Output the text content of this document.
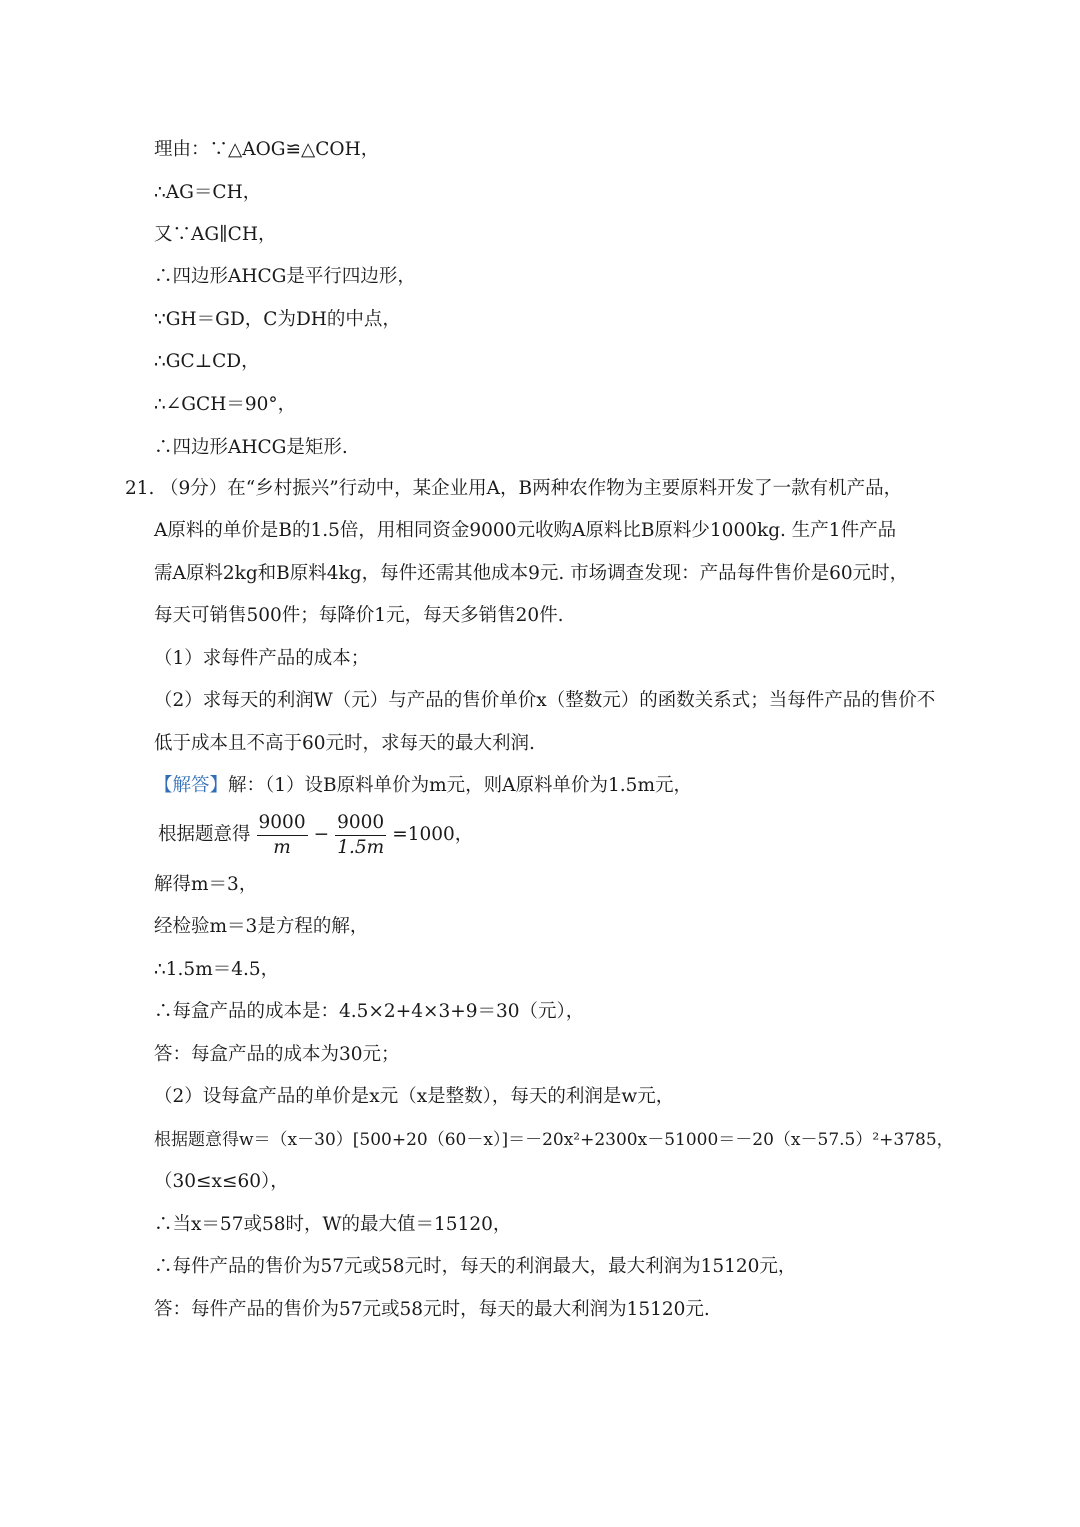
理由：∵△AOG≌△COH，
∴AG＝CH，
又∵AG∥CH，
∴四边形AHCG是平行四边形，
∵GH＝GD，C为DH的中点，
∴GC⊥CD，
∴∠GCH＝90°，
∴四边形AHCG是矩形.
21. （9分）在“乡村振兴”行动中，某企业用A，B两种农作物为主要原料开发了一款有机产品，
A原料的单价是B的1.5倍，用相同资金9000元收购A原料比B原料少1000kg. 生产1件产品
需A原料2kg和B原料4kg，每件还需其他成本9元. 市场调查发现：产品每件售价是60元时，
每天可销售500件；每降价1元，每天多销售20件.
（1）求每件产品的成本；
（2）求每天的利润W（元）与产品的售价单价x（整数元）的函数关系式；当每件产品的售价不
低于成本且不高于60元时，求每天的最大利润.
【解答】解：（1）设B原料单价为m元，则A原料单价为1.5m元，
根据题意得 $\frac{9000}{m} - \frac{9000}{1.5m} =1000$，
解得m＝3，
经检验m＝3是方程的解，
∴1.5m＝4.5，
∴每盒产品的成本是：4.5×2+4×3+9＝30（元），
答：每盒产品的成本为30元；
（2）设每盒产品的单价是x元（x是整数），每天的利润是w元，
根据题意得w＝（x－30）[500+20（60－x）]＝－20x²+2300x－51000＝－20（x－57.5）²+3785，
（30≤x≤60），
∴当x＝57或58时，W的最大值＝15120，
∴每件产品的售价为57元或58元时，每天的利润最大，最大利润为15120元，
答：每件产品的售价为57元或58元时，每天的最大利润为15120元.
